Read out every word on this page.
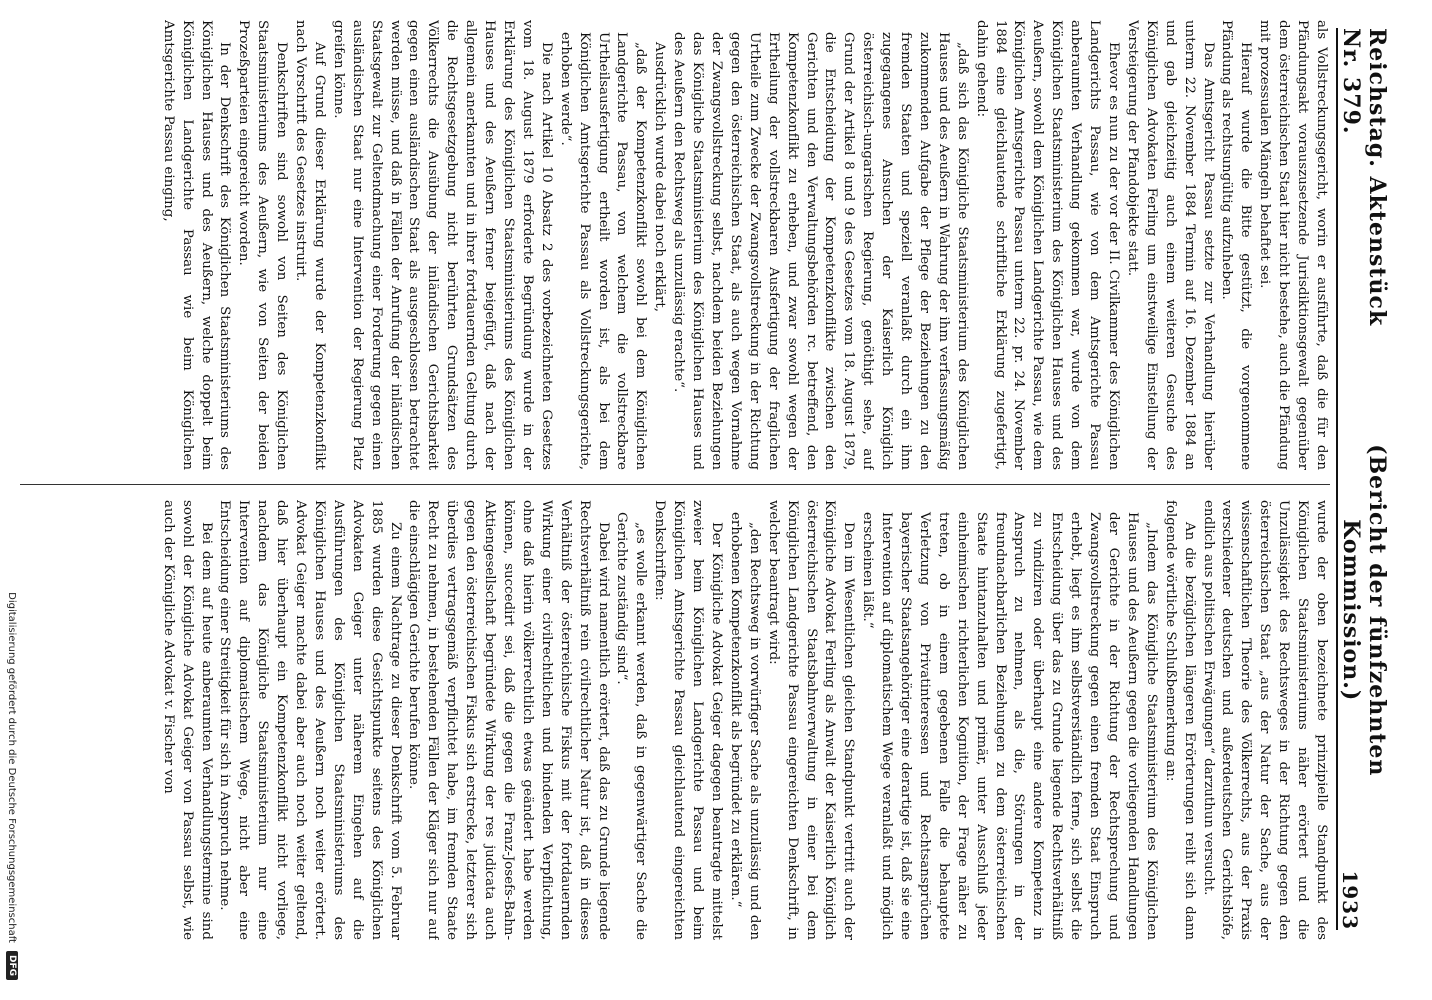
Reichstag. Aktenstück Nr. 379.
(Bericht der fünfzehnten Kommission.)
1933

als Vollstreckungsgericht, worin er ausführte, daß die für den Pfändungsakt vorauszusetzende Jurisdiktionsgewalt gegenüber dem österreichischen Staat hier nicht bestehe, auch die Pfändung mit prozessualen Mängeln behaftet sei.

Hierauf wurde die Bitte gestützt, die vorgenommene Pfändung als rechtsungültig aufzuheben.

Das Amtsgericht Passau setzte zur Verhandlung hierüber unterm 22. November 1884 Termin auf 16. Dezember 1884 an und gab gleichzeitig auch einem weiteren Gesuche des Königlichen Advokaten Ferling um einstweilige Einstellung der Versteigerung der Pfandobjekte statt.

Ehevor es nun zu der vor der II. Civilkammer des Königlichen Landgerichts Passau, wie von dem Amtsgerichte Passau anberaumten Verhandlung gekommen war, wurde von dem Königlichen Staatsministerium des Königlichen Hauses und des Aeußern, sowohl dem Königlichen Landgerichte Passau, wie dem Königlichen Amtsgerichte Passau unterm 22. pr. 24. November 1884 eine gleichlautende schriftliche Erklärung zugefertigt, dahin gehend:

„daß sich das Königliche Staatsministerium des Königlichen Hauses und des Aeußern in Wahrung der ihm verfassungsmäßig zukommenden Aufgabe der Pflege der Beziehungen zu den fremden Staaten und speziell veranlaßt durch ein ihm zugegangenes Ansuchen der Kaiserlich Königlich österreichisch-ungarischen Regierung, genöthigt sehe, auf Grund der Artikel 8 und 9 des Gesetzes vom 18. August 1879, die Entscheidung der Kompetenzkonflikte zwischen den Gerichten und den Verwaltungsbehörden rc. betreffend, den Kompetenzkonflikt zu erheben, und zwar sowohl wegen der Ertheilung der vollstreckbaren Ausfertigung der fraglichen Urtheile zum Zwecke der Zwangsvollstreckung in der Richtung gegen den österreichischen Staat, als auch wegen Vornahme der Zwangsvollstreckung selbst, nachdem beiden Beziehungen das Königliche Staatsministerium des Königlichen Hauses und des Aeußern den Rechtsweg als unzulässig erachte“.

Ausdrücklich wurde dabei noch erklärt,

„daß der Kompetenzkonflikt sowohl bei dem Königlichen Landgerichte Passau, von welchem die vollstreckbare Urtheilsausfertigung ertheilt worden ist, als bei dem Königlichen Amtsgerichte Passau als Vollstreckungsgerichte, erhoben werde“.

Die nach Artikel 10 Absatz 2 des vorbezeichneten Gesetzes vom 18. August 1879 erforderte Begründung wurde in der Erklärung des Königlichen Staatsministeriums des Königlichen Hauses und des Aeußern ferner beigefügt, daß nach der allgemein anerkannten und in ihrer fortdauernden Geltung durch die Rechtsgesetzgebung nicht berührten Grundsätzen des Völkerrechts die Ausübung der inländischen Gerichtsbarkeit gegen einen ausländischen Staat als ausgeschlossen betrachtet werden müsse, und daß in Fällen der Anrufung der inländischen Staatsgewalt zur Geltendmachung einer Forderung gegen einen ausländischen Staat nur eine Intervention der Regierung Platz greifen könne.

Auf Grund dieser Erklärung wurde der Kompetenzkonflikt nach Vorschrift des Gesetzes instruirt.

Denkschriften sind sowohl von Seiten des Königlichen Staatsministeriums des Aeußern, wie von Seiten der beiden Prozeßparteien eingereicht worden.

In der Denkschrift des Königlichen Staatsministeriums des Königlichen Hauses und des Aeußern, welche doppelt beim Königlichen Landgerichte Passau wie beim Königlichen Amtsgerichte Passau einging,

wurde der oben bezeichnete prinzipielle Standpunkt des Königlichen Staatsministeriums näher erörtert und die Unzulässigkeit des Rechtsweges in der Richtung gegen den österreichischen Staat „aus der Natur der Sache, aus der wissenschaftlichen Theorie des Völkerrechts, aus der Praxis verschiedener deutschen und außerdeutschen Gerichtshöfe, endlich aus politischen Erwägungen“ darzuthun versucht.

An die bezüglichen längeren Erörterungen reiht sich dann folgende wörtliche Schlußbemerkung an:

„Indem das Königliche Staatsministerium des Königlichen Hauses und des Aeußern gegen die vorliegenden Handlungen der Gerichte in der Richtung der Rechtsprechung und Zwangsvollstreckung gegen einen fremden Staat Einspruch erhebt, liegt es ihm selbstverständlich ferne, sich selbst die Entscheidung über das zu Grunde liegende Rechtsverhältniß zu vindiziren oder überhaupt eine andere Kompetenz in Anspruch zu nehmen, als die, Störungen in der freundnachbarlichen Beziehungen zu dem österreichischen Staate hintanzuhalten und primär, unter Ausschluß jeder einheimischen richterlichen Kognition, der Frage näher zu treten, ob in einem gegebenen Falle die behauptete Verletzung von Privatinteressen und Rechtsansprüchen bayerischer Staatsangehöriger eine derartige ist, daß sie eine Intervention auf diplomatischem Wege veranlaßt und möglich erscheinen läßt.“

Den im Wesentlichen gleichen Standpunkt vertritt auch der Königliche Advokat Ferling als Anwalt der Kaiserlich Königlich österreichischen Staatsbahnverwaltung in einer bei dem Königlichen Landgerichte Passau eingereichten Denkschrift, in welcher beantragt wird:

„den Rechtsweg in vorwürfiger Sache als unzulässig und den erhobenen Kompetenzkonflikt als begründet zu erklären.“

Der Königliche Advokat Geiger dagegen beantragte mittelst zweier beim Königlichen Landgerichte Passau und beim Königlichen Amtsgerichte Passau gleichlautend eingereichten Denkschriften:

„es wolle erkannt werden, daß in gegenwärtiger Sache die Gerichte zuständig sind“.

Dabei wird namentlich erörtert, daß das zu Grunde liegende Rechtsverhältniß rein civilrechtlicher Natur ist, daß in dieses Verhältniß der österreichische Fiskus mit der fortdauernden Wirkung einer civilrechtlichen und bindenden Verpflichtung, ohne daß hierin völkerrechtlich etwas geändert habe werden können, succedirt sei, daß die gegen die Franz-Josefs-Bahn-Aktiengesellschaft begründete Wirkung der res judicata auch gegen den österreichischen Fiskus sich erstrecke, letzterer sich überdies vertragsgemäß verpflichtet habe, im fremden Staate Recht zu nehmen, in bestehenden Fällen der Kläger sich nur auf die einschlägigen Gerichte berufen könne.

Zu einem Nachtrage zu dieser Denkschrift vom 5. Februar 1885 wurden diese Gesichtspunkte seitens des Königlichen Advokaten Geiger unter näherem Eingehen auf die Ausführungen des Königlichen Staatsministeriums des Königlichen Hauses und des Aeußern noch weiter erörtert. Advokat Geiger machte dabei aber auch noch weiter geltend, daß hier überhaupt ein Kompetenzkonflikt nicht vorliege, nachdem das Königliche Staatsministerium nur eine Intervention auf diplomatischem Wege, nicht aber eine Entscheidung einer Streitigkeit für sich in Anspruch nehme.

Bei dem auf heute anberaumten Verhandlungstermine sind sowohl der Königliche Advokat Geiger von Passau selbst, wie auch der Königliche Advokat v. Fischer von

Digitalisierung gefördert durch die Deutsche Forschungsgemeinschaft
DFG
